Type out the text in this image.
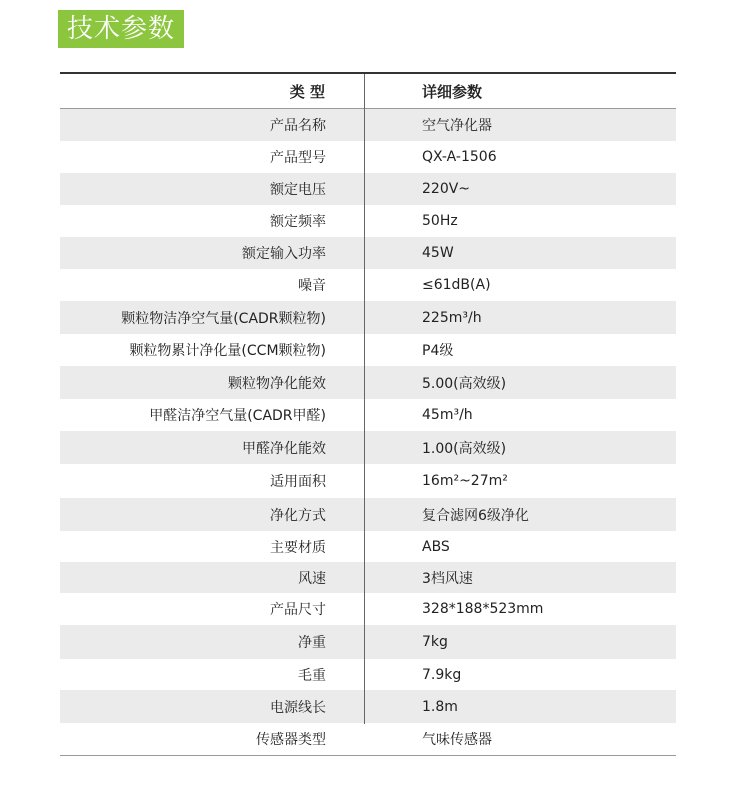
技术参数
类 型	详细参数
产品名称	空气净化器
产品型号	QX-A-1506
额定电压	220V~
额定频率	50Hz
额定输入功率	45W
噪音	≤61dB(A)
颗粒物洁净空气量(CADR颗粒物)	225m³/h
颗粒物累计净化量(CCM颗粒物)	P4级
颗粒物净化能效	5.00(高效级)
甲醛洁净空气量(CADR甲醛)	45m³/h
甲醛净化能效	1.00(高效级)
适用面积	16m²~27m²
净化方式	复合滤网6级净化
主要材质	ABS
风速	3档风速
产品尺寸	328*188*523mm
净重	7kg
毛重	7.9kg
电源线长	1.8m
传感器类型	气味传感器
